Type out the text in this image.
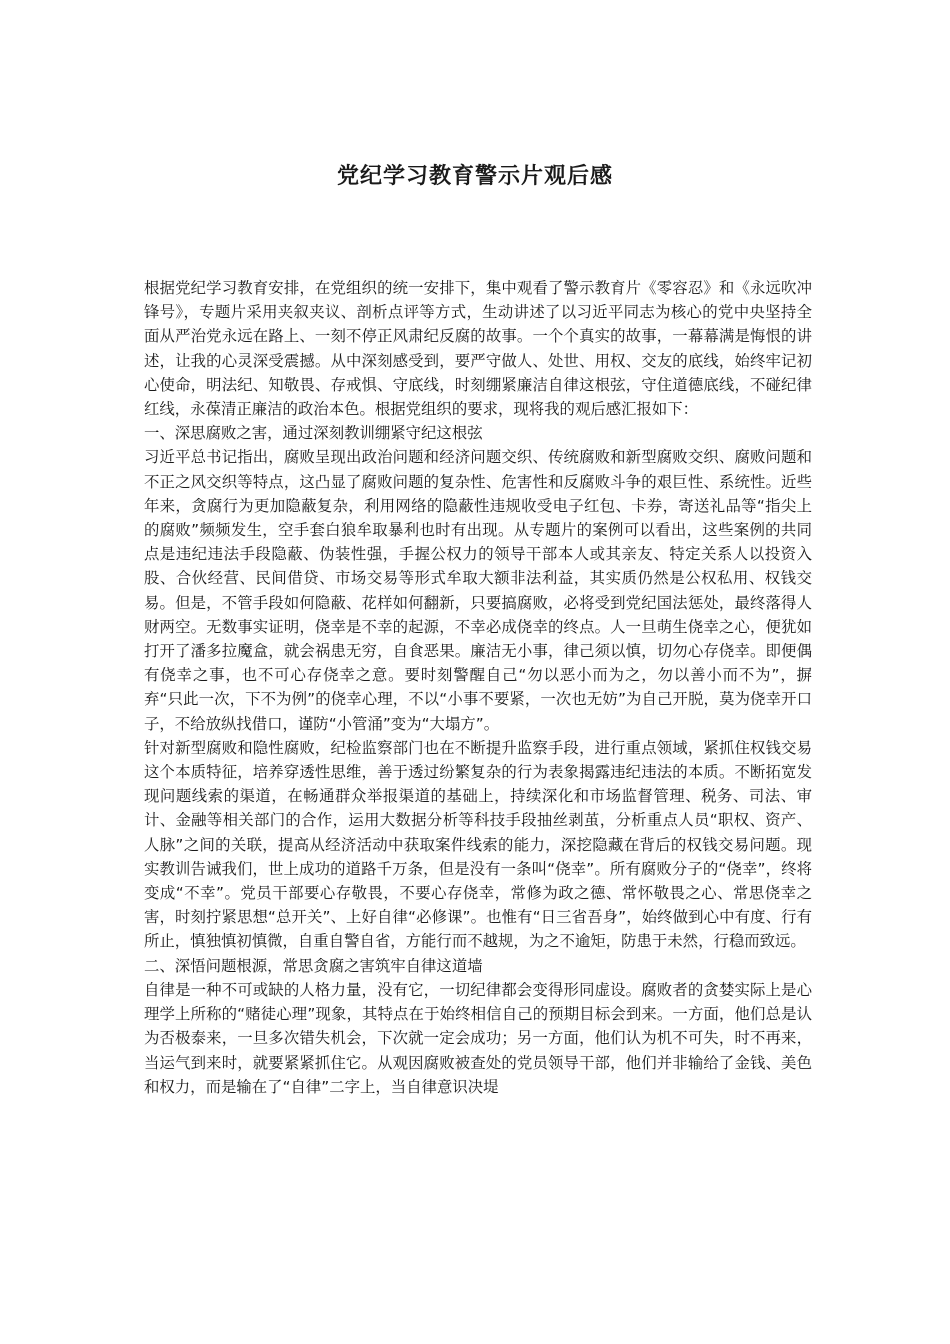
党纪学习教育警示片观后感

根据党纪学习教育安排，在党组织的统一安排下，集中观看了警示教育片《零容忍》和《永远吹冲锋号》，专题片采用夹叙夹议、剖析点评等方式，生动讲述了以习近平同志为核心的党中央坚持全面从严治党永远在路上、一刻不停正风肃纪反腐的故事。一个个真实的故事，一幕幕满是悔恨的讲述，让我的心灵深受震撼。从中深刻感受到，要严守做人、处世、用权、交友的底线，始终牢记初心使命，明法纪、知敬畏、存戒惧、守底线，时刻绷紧廉洁自律这根弦，守住道德底线，不碰纪律红线，永葆清正廉洁的政治本色。根据党组织的要求，现将我的观后感汇报如下：

一、深思腐败之害，通过深刻教训绷紧守纪这根弦

习近平总书记指出，腐败呈现出政治问题和经济问题交织、传统腐败和新型腐败交织、腐败问题和不正之风交织等特点，这凸显了腐败问题的复杂性、危害性和反腐败斗争的艰巨性、系统性。近些年来，贪腐行为更加隐蔽复杂，利用网络的隐蔽性违规收受电子红包、卡券，寄送礼品等“指尖上的腐败”频频发生，空手套白狼牟取暴利也时有出现。从专题片的案例可以看出，这些案例的共同点是违纪违法手段隐蔽、伪装性强，手握公权力的领导干部本人或其亲友、特定关系人以投资入股、合伙经营、民间借贷、市场交易等形式牟取大额非法利益，其实质仍然是公权私用、权钱交易。但是，不管手段如何隐蔽、花样如何翻新，只要搞腐败，必将受到党纪国法惩处，最终落得人财两空。无数事实证明，侥幸是不幸的起源，不幸必成侥幸的终点。人一旦萌生侥幸之心，便犹如打开了潘多拉魔盒，就会祸患无穷，自食恶果。廉洁无小事，律己须以慎，切勿心存侥幸。即便偶有侥幸之事，也不可心存侥幸之意。要时刻警醒自己“勿以恶小而为之，勿以善小而不为”，摒弃“只此一次，下不为例”的侥幸心理，不以“小事不要紧，一次也无妨”为自己开脱，莫为侥幸开口子，不给放纵找借口，谨防“小管涌”变为“大塌方”。

针对新型腐败和隐性腐败，纪检监察部门也在不断提升监察手段，进行重点领域，紧抓住权钱交易这个本质特征，培养穿透性思维，善于透过纷繁复杂的行为表象揭露违纪违法的本质。不断拓宽发现问题线索的渠道，在畅通群众举报渠道的基础上，持续深化和市场监督管理、税务、司法、审计、金融等相关部门的合作，运用大数据分析等科技手段抽丝剥茧，分析重点人员“职权、资产、人脉”之间的关联，提高从经济活动中获取案件线索的能力，深挖隐藏在背后的权钱交易问题。现实教训告诫我们，世上成功的道路千万条，但是没有一条叫“侥幸”。所有腐败分子的“侥幸”，终将变成“不幸”。党员干部要心存敬畏，不要心存侥幸，常修为政之德、常怀敬畏之心、常思侥幸之害，时刻拧紧思想“总开关”、上好自律“必修课”。也惟有“日三省吾身”，始终做到心中有度、行有所止，慎独慎初慎微，自重自警自省，方能行而不越规，为之不逾矩，防患于未然，行稳而致远。

二、深悟问题根源，常思贪腐之害筑牢自律这道墙

自律是一种不可或缺的人格力量，没有它，一切纪律都会变得形同虚设。腐败者的贪婪实际上是心理学上所称的“赌徒心理”现象，其特点在于始终相信自己的预期目标会到来。一方面，他们总是认为否极泰来，一旦多次错失机会，下次就一定会成功；另一方面，他们认为机不可失，时不再来，当运气到来时，就要紧紧抓住它。从观因腐败被查处的党员领导干部，他们并非输给了金钱、美色和权力，而是输在了“自律”二字上，当自律意识决堤
